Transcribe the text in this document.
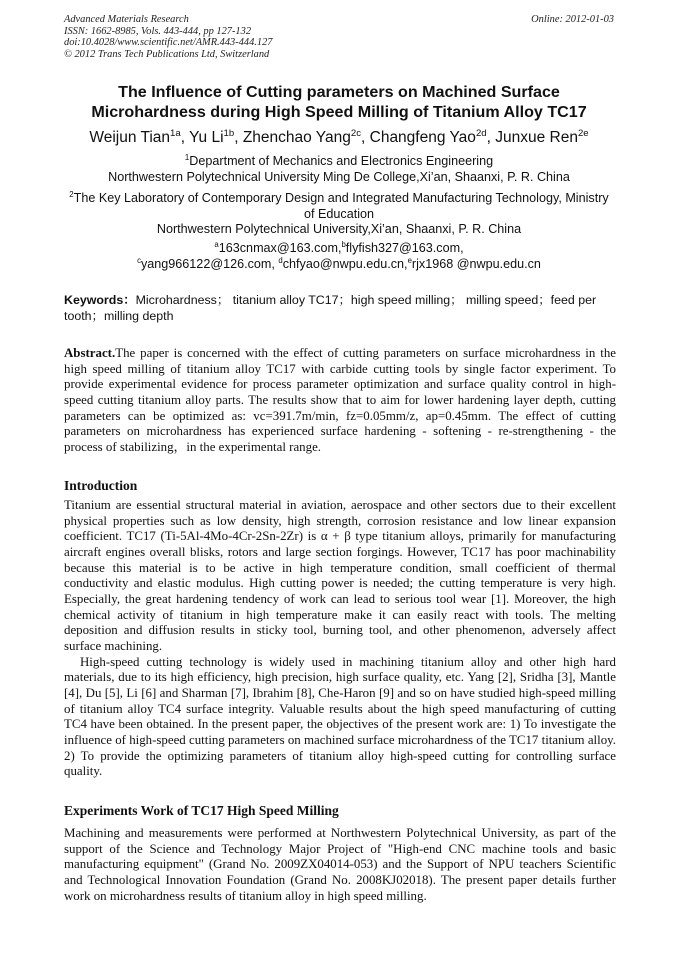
Advanced Materials Research
ISSN: 1662-8985, Vols. 443-444, pp 127-132
doi:10.4028/www.scientific.net/AMR.443-444.127
© 2012 Trans Tech Publications Ltd, Switzerland
Online: 2012-01-03
The Influence of Cutting parameters on Machined Surface
Microhardness during High Speed Milling of Titanium Alloy TC17
Weijun Tian$^{1a}$, Yu $Li^{1b}$, Zhenchao Yang$^{2c}$, Changfeng Yao$^{2d}$, Junxue Ren$^{2e}$
$^1$Department of Mechanics and Electronics Engineering
Northwestern Polytechnical University Ming De College,Xi’an, Shaanxi, P. R. China
$^2$The Key Laboratory of Contemporary Design and Integrated Manufacturing Technology, Ministry
of Education
Northwestern Polytechnical University,Xi’an, Shaanxi, P. R. China
$^a$163cnmax@163.com,$^b$flyfish327@163.com,
$^c$yang966122@126.com, $^d$chfyao@nwpu.edu.cn,$^e$rjx1968 @nwpu.edu.cn
Keywords：Microhardness； titanium alloy TC17；high speed milling； milling speed；feed per tooth；milling depth
Abstract.The paper is concerned with the effect of cutting parameters on surface microhardness in the high speed milling of titanium alloy TC17 with carbide cutting tools by single factor experiment. To provide experimental evidence for process parameter optimization and surface quality control in high-speed cutting titanium alloy parts. The results show that to aim for lower hardening layer depth, cutting parameters can be optimized as: vc=391.7m/min, fz=0.05mm/z, ap=0.45mm. The effect of cutting parameters on microhardness has experienced surface hardening - softening - re-strengthening - the process of stabilizing，in the experimental range.
Introduction

Titanium are essential structural material in aviation, aerospace and other sectors due to their excellent physical properties such as low density, high strength, corrosion resistance and low linear expansion coefficient. TC17 (Ti-5Al-4Mo-4Cr-2Sn-2Zr) is α + β type titanium alloys, primarily for manufacturing aircraft engines overall blisks, rotors and large section forgings. However, TC17 has poor machinability because this material is to be active in high temperature condition, small coefficient of thermal conductivity and elastic modulus. High cutting power is needed; the cutting temperature is very high. Especially, the great hardening tendency of work can lead to serious tool wear [1]. Moreover, the high chemical activity of titanium in high temperature make it can easily react with tools. The melting deposition and diffusion results in sticky tool, burning tool, and other phenomenon, adversely affect surface machining.

High-speed cutting technology is widely used in machining titanium alloy and other high hard materials, due to its high efficiency, high precision, high surface quality, etc. Yang [2], Sridha [3], Mantle [4], Du [5], Li [6] and Sharman [7], Ibrahim [8], Che-Haron [9] and so on have studied high-speed milling of titanium alloy TC4 surface integrity. Valuable results about the high speed manufacturing of cutting TC4 have been obtained. In the present paper, the objectives of the present work are: 1) To investigate the influence of high-speed cutting parameters on machined surface microhardness of the TC17 titanium alloy. 2) To provide the optimizing parameters of titanium alloy high-speed cutting for controlling surface quality.

Experiments Work of TC17 High Speed Milling

Machining and measurements were performed at Northwestern Polytechnical University, as part of the support of the Science and Technology Major Project of "High-end CNC machine tools and basic manufacturing equipment" (Grand No. 2009ZX04014-053) and the Support of NPU teachers Scientific and Technological Innovation Foundation (Grand No. 2008KJ02018). The present paper details further work on microhardness results of titanium alloy in high speed milling.
